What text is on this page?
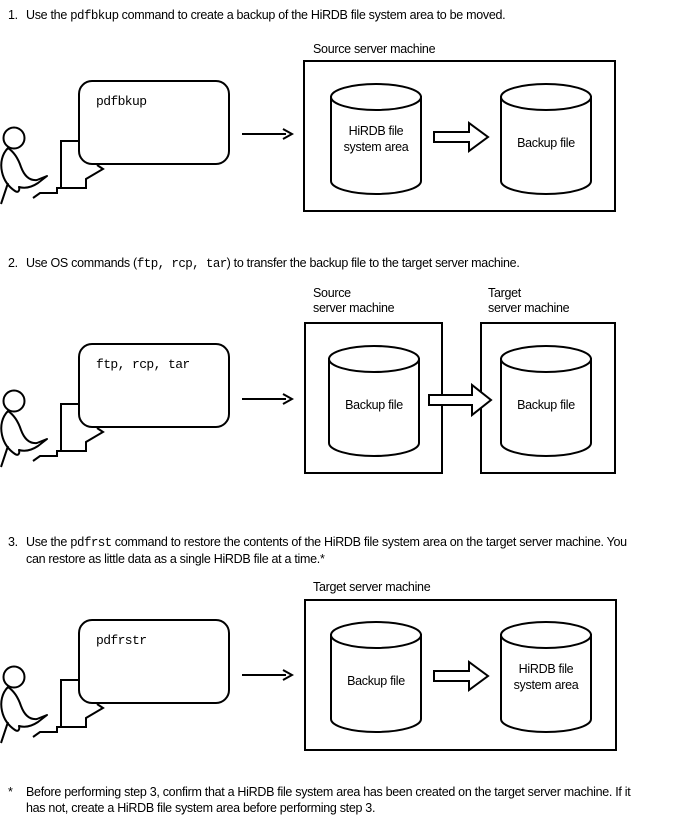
1. Use the pdfbkup command to create a backup of the HiRDB file system area to be moved.
pdfbkup
Source server machine
HiRDB file
system area	Backup file
2. Use OS commands (ftp, rcp, tar) to transfer the backup file to the target server machine.
ftp, rcp, tar
Source
server machine
Target
server machine
Backup file	Backup file
3. Use the pdfrst command to restore the contents of the HiRDB file system area on the target server machine. You can restore as little data as a single HiRDB file at a time.*
pdfrstr
Target server machine
Backup file
HiRDB file
system area
* Before performing step 3, confirm that a HiRDB file system area has been created on the target server machine. If it has not, create a HiRDB file system area before performing step 3.
